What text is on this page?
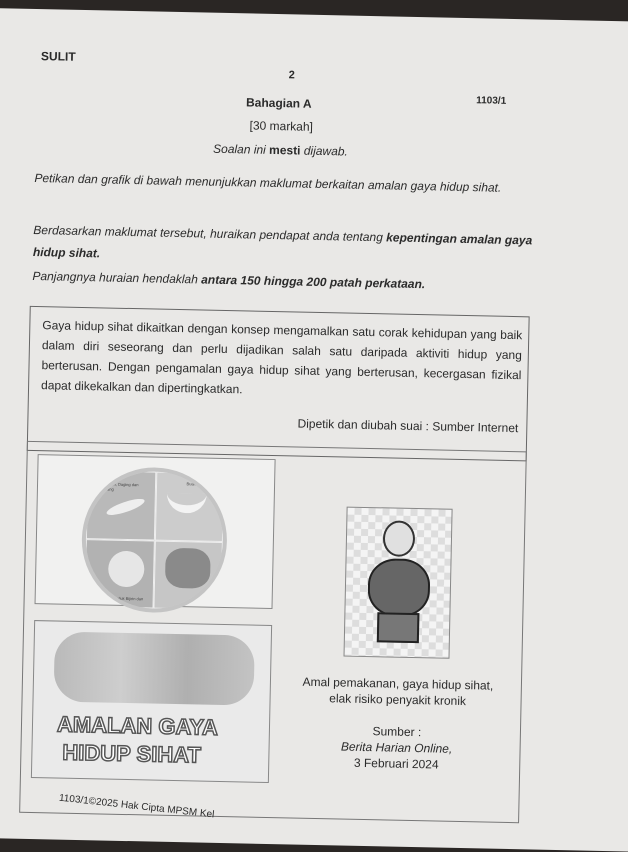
SULIT
2
1103/1
Bahagian A
[30 markah]
Soalan ini mesti dijawab.
Petikan dan grafik di bawah menunjukkan maklumat berkaitan amalan gaya hidup sihat.
Berdasarkan maklumat tersebut, huraikan pendapat anda tentang kepentingan amalan gaya hidup sihat.
Panjangnya huraian hendaklah antara 150 hingga 200 patah perkataan.

Gaya hidup sihat dikaitkan dengan konsep mengamalkan satu corak kehidupan yang baik dalam diri seseorang dan perlu dijadikan salah satu daripada aktiviti hidup yang berterusan. Dengan pengamalan gaya hidup sihat yang berterusan, kecergasan fizikal dapat dikekalkan dan dipertingkatkan.

Dipetik dan diubah suai : Sumber Internet
Ikan, Ayam, Daging dan Kekacang
Buah-buahan
Nasi, Bijirin, Produk Bijirin dan Ubi	Sayur-sayuran
AMALAN GAYA
HIDUP SIHAT
Amal pemakanan, gaya hidup sihat,
elak risiko penyakit kronik
Sumber :
Berita Harian Online,
3 Februari 2024
1103/1©2025 Hak Cipta MPSM Kel
